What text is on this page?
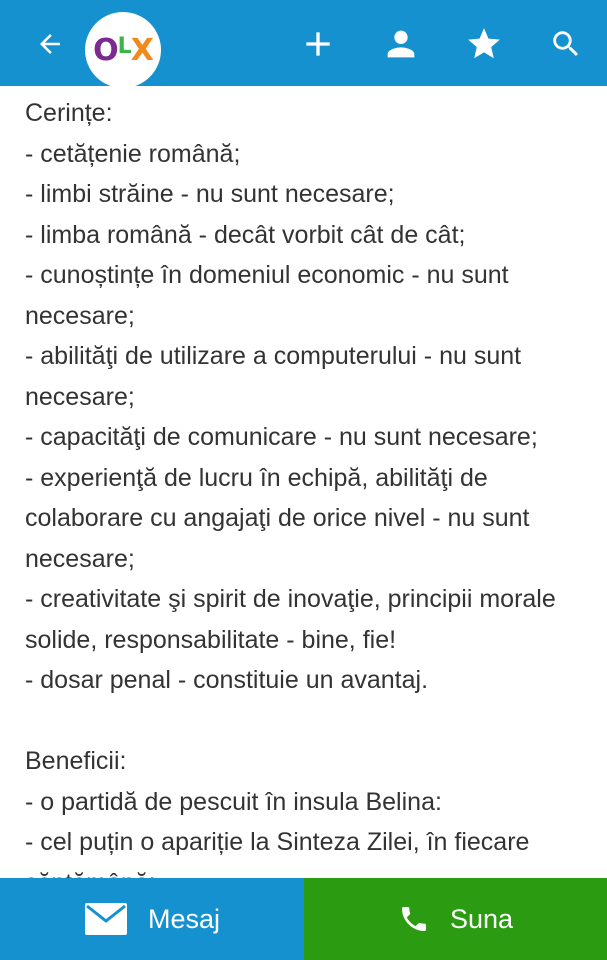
O L X
Cerințe:
- cetățenie română;
- limbi străine - nu sunt necesare;
- limba română - decât vorbit cât de cât;
- cunoștințe în domeniul economic - nu sunt
necesare;
- abilităţi de utilizare a computerului - nu sunt
necesare;
- capacităţi de comunicare - nu sunt necesare;
- experienţă de lucru în echipă, abilităţi de
colaborare cu angajaţi de orice nivel - nu sunt
necesare;
- creativitate şi spirit de inovaţie, principii morale
solide, responsabilitate - bine, fie!
- dosar penal - constituie un avantaj.
Beneficii:
- o partidă de pescuit în insula Belina:
- cel puțin o apariție la Sinteza Zilei, în fiecare
Mesaj	Suna
